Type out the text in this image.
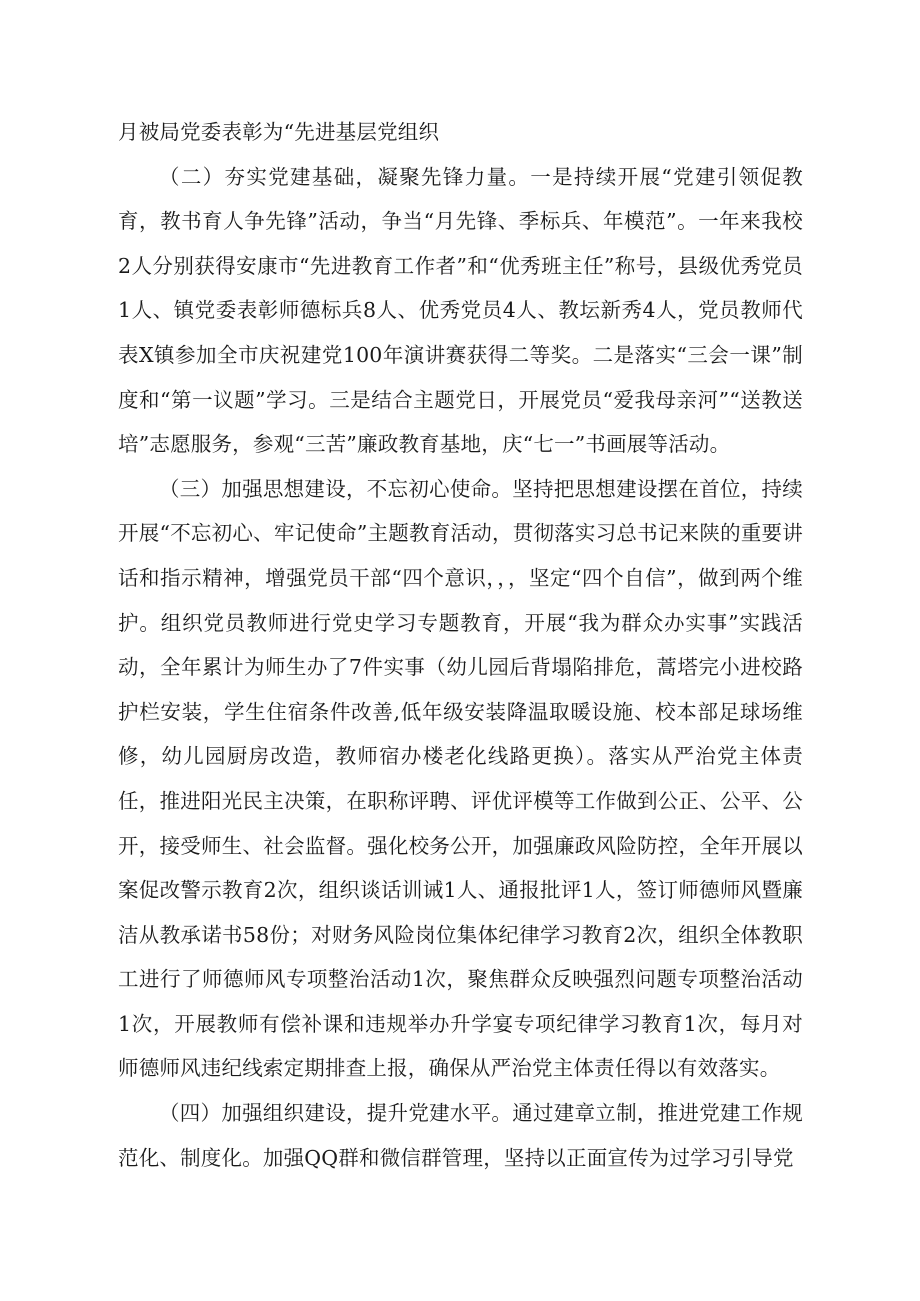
月被局党委表彰为“先进基层党组织

（二）夯实党建基础，凝聚先锋力量。一是持续开展“党建引领促教育，教书育人争先锋”活动，争当“月先锋、季标兵、年模范”。一年来我校2人分别获得安康市“先进教育工作者”和“优秀班主任”称号，县级优秀党员1人、镇党委表彰师德标兵8人、优秀党员4人、教坛新秀4人，党员教师代表X镇参加全市庆祝建党100年演讲赛获得二等奖。二是落实“三会一课”制度和“第一议题”学习。三是结合主题党日，开展党员“爱我母亲河”“送教送培”志愿服务，参观“三苦”廉政教育基地，庆“七一”书画展等活动。

（三）加强思想建设，不忘初心使命。坚持把思想建设摆在首位，持续开展“不忘初心、牢记使命”主题教育活动，贯彻落实习总书记来陕的重要讲话和指示精神，增强党员干部“四个意识，，，坚定“四个自信”，做到两个维护。组织党员教师进行党史学习专题教育，开展“我为群众办实事”实践活动，全年累计为师生办了7件实事（幼儿园后背塌陷排危，蒿塔完小进校路护栏安装，学生住宿条件改善,低年级安装降温取暖设施、校本部足球场维修，幼儿园厨房改造，教师宿办楼老化线路更换）。落实从严治党主体责任，推进阳光民主决策，在职称评聘、评优评模等工作做到公正、公平、公开，接受师生、社会监督。强化校务公开，加强廉政风险防控，全年开展以案促改警示教育2次，组织谈话训诫1人、通报批评1人，签订师德师风暨廉洁从教承诺书58份；对财务风险岗位集体纪律学习教育2次，组织全体教职工进行了师德师风专项整治活动1次，聚焦群众反映强烈问题专项整治活动1次，开展教师有偿补课和违规举办升学宴专项纪律学习教育1次，每月对师德师风违纪线索定期排查上报，确保从严治党主体责任得以有效落实。

（四）加强组织建设，提升党建水平。通过建章立制，推进党建工作规范化、制度化。加强QQ群和微信群管理，坚持以正面宣传为过学习引导党
